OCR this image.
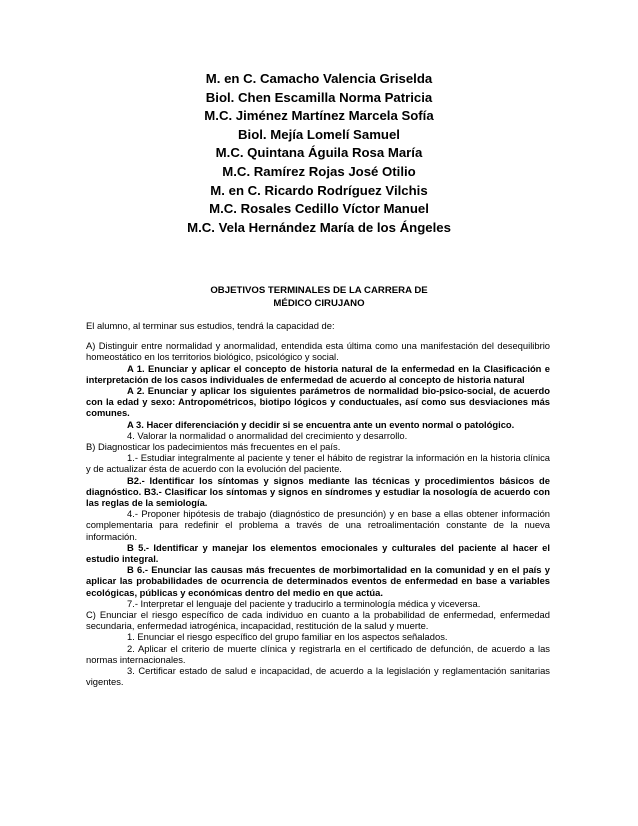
M. en C. Camacho Valencia Griselda
Biol. Chen Escamilla Norma Patricia
M.C. Jiménez Martínez Marcela Sofía
Biol. Mejía Lomelí Samuel
M.C. Quintana Águila Rosa María
M.C. Ramírez Rojas José Otilio
M. en C. Ricardo Rodríguez Vilchis
M.C. Rosales Cedillo Víctor Manuel
M.C. Vela Hernández María de los Ángeles
OBJETIVOS TERMINALES DE LA CARRERA DE
MÉDICO CIRUJANO

El alumno, al terminar sus estudios, tendrá la capacidad de:

A) Distinguir entre normalidad y anormalidad, entendida esta última como una manifestación del desequilibrio homeostático en los territorios biológico, psicológico y social.

A 1. Enunciar y aplicar el concepto de historia natural de la enfermedad en la Clasificación e interpretación de los casos individuales de enfermedad de acuerdo al concepto de historia natural

A 2. Enunciar y aplicar los siguientes parámetros de normalidad bio-psico-social, de acuerdo con la edad y sexo: Antropométricos, biotipo lógicos y conductuales, así como sus desviaciones más comunes.

A 3. Hacer diferenciación y decidir si se encuentra ante un evento normal o patológico.

4. Valorar la normalidad o anormalidad del crecimiento y desarrollo.

B) Diagnosticar los padecimientos más frecuentes en el país.

1.- Estudiar integralmente al paciente y tener el hábito de registrar la información en la historia clínica y de actualizar ésta de acuerdo con la evolución del paciente.

B2.- Identificar los síntomas y signos mediante las técnicas y procedimientos básicos de diagnóstico. B3.- Clasificar los síntomas y signos en síndromes y estudiar la nosología de acuerdo con las reglas de la semiología.

4.- Proponer hipótesis de trabajo (diagnóstico de presunción) y en base a ellas obtener información complementaria para redefinir el problema a través de una retroalimentación constante de la nueva información.

B 5.- Identificar y manejar los elementos emocionales y culturales del paciente al hacer el estudio integral.

B 6.- Enunciar las causas más frecuentes de morbimortalidad en la comunidad y en el país y aplicar las probabilidades de ocurrencia de determinados eventos de enfermedad en base a variables ecológicas, públicas y económicas dentro del medio en que actúa.

7.- Interpretar el lenguaje del paciente y traducirlo a terminología médica y viceversa.

C) Enunciar el riesgo específico de cada individuo en cuanto a la probabilidad de enfermedad, enfermedad secundaria, enfermedad iatrogénica, incapacidad, restitución de la salud y muerte.

1. Enunciar el riesgo específico del grupo familiar en los aspectos señalados.

2. Aplicar el criterio de muerte clínica y registrarla en el certificado de defunción, de acuerdo a las normas internacionales.

3. Certificar estado de salud e incapacidad, de acuerdo a la legislación y reglamentación sanitarias vigentes.
